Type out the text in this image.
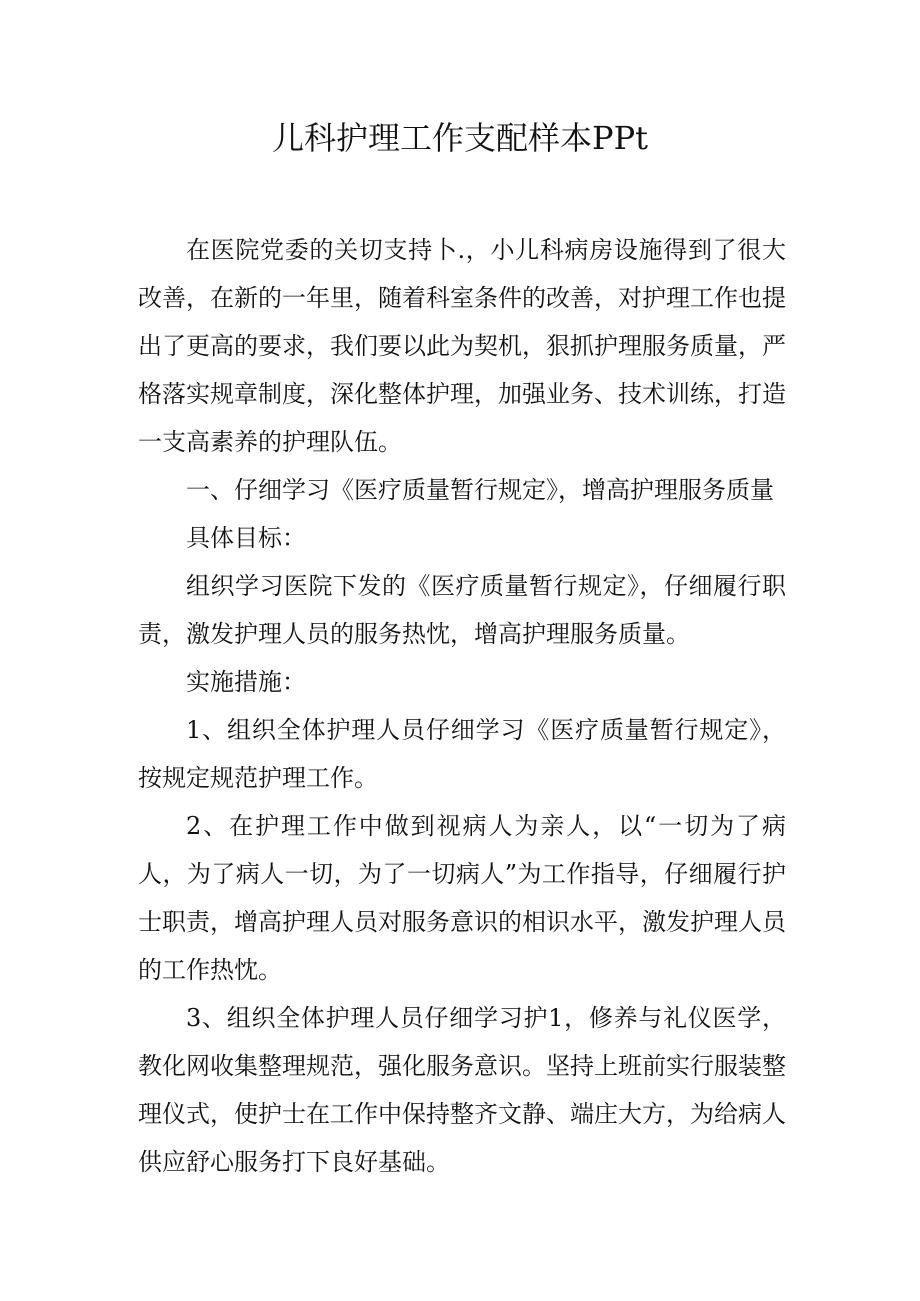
儿科护理工作支配样本PPt

在医院党委的关切支持卜.，小儿科病房设施得到了很大改善，在新的一年里，随着科室条件的改善，对护理工作也提出了更高的要求，我们要以此为契机，狠抓护理服务质量，严格落实规章制度，深化整体护理，加强业务、技术训练，打造一支高素养的护理队伍。

一、仔细学习《医疗质量暂行规定》，增高护理服务质量

具体目标：

组织学习医院下发的《医疗质量暂行规定》，仔细履行职责，激发护理人员的服务热忱，增高护理服务质量。

实施措施：

1、组织全体护理人员仔细学习《医疗质量暂行规定》，按规定规范护理工作。

2、在护理工作中做到视病人为亲人，以“一切为了病人，为了病人一切，为了一切病人”为工作指导，仔细履行护士职责，增高护理人员对服务意识的相识水平，激发护理人员的工作热忱。

3、组织全体护理人员仔细学习护1，修养与礼仪医学，教化网收集整理规范，强化服务意识。坚持上班前实行服装整理仪式，使护士在工作中保持整齐文静、端庄大方，为给病人供应舒心服务打下良好基础。
